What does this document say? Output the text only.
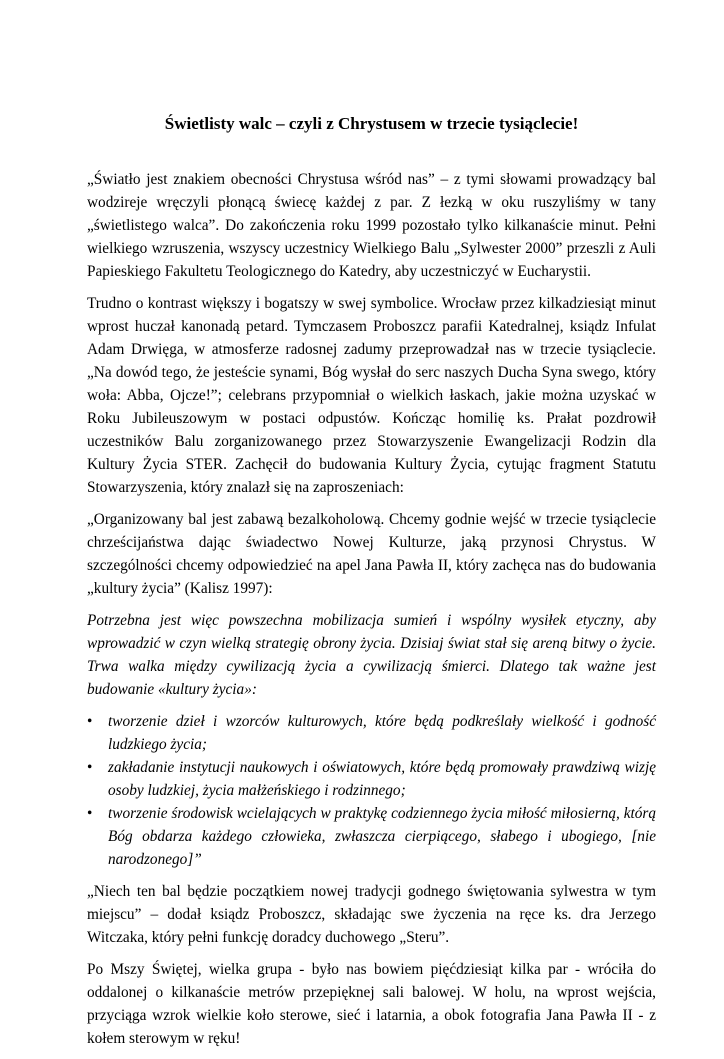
Świetlisty walc – czyli z Chrystusem w trzecie tysiąclecie!

„Światło jest znakiem obecności Chrystusa wśród nas” – z tymi słowami prowadzący bal wodzireje wręczyli płonącą świecę każdej z par. Z łezką w oku ruszyliśmy w tany „świetlistego walca”. Do zakończenia roku 1999 pozostało tylko kilkanaście minut. Pełni wielkiego wzruszenia, wszyscy uczestnicy Wielkiego Balu „Sylwester 2000” przeszli z Auli Papieskiego Fakultetu Teologicznego do Katedry, aby uczestniczyć w Eucharystii.

Trudno o kontrast większy i bogatszy w swej symbolice. Wrocław przez kilkadziesiąt minut wprost huczał kanonadą petard. Tymczasem Proboszcz parafii Katedralnej, ksiądz Infulat Adam Drwięga, w atmosferze radosnej zadumy przeprowadzał nas w trzecie tysiąclecie. „Na dowód tego, że jesteście synami, Bóg wysłał do serc naszych Ducha Syna swego, który woła: Abba, Ojcze!”; celebrans przypomniał o wielkich łaskach, jakie można uzyskać w Roku Jubileuszowym w postaci odpustów. Kończąc homilię ks. Prałat pozdrowił uczestników Balu zorganizowanego przez Stowarzyszenie Ewangelizacji Rodzin dla Kultury Życia STER. Zachęcił do budowania Kultury Życia, cytując fragment Statutu Stowarzyszenia, który znalazł się na zaproszeniach:

„Organizowany bal jest zabawą bezalkoholową. Chcemy godnie wejść w trzecie tysiąclecie chrześcijaństwa dając świadectwo Nowej Kulturze, jaką przynosi Chrystus. W szczególności chcemy odpowiedzieć na apel Jana Pawła II, który zachęca nas do budowania „kultury życia” (Kalisz 1997):

Potrzebna jest więc powszechna mobilizacja sumień i wspólny wysiłek etyczny, aby wprowadzić w czyn wielką strategię obrony życia. Dzisiaj świat stał się areną bitwy o życie. Trwa walka między cywilizacją życia a cywilizacją śmierci. Dlatego tak ważne jest budowanie «kultury życia»:

• tworzenie dzieł i wzorców kulturowych, które będą podkreślały wielkość i godność ludzkiego życia;
• zakładanie instytucji naukowych i oświatowych, które będą promowały prawdziwą wizję osoby ludzkiej, życia małżeńskiego i rodzinnego;
• tworzenie środowisk wcielających w praktykę codziennego życia miłość miłosierną, którą Bóg obdarza każdego człowieka, zwłaszcza cierpiącego, słabego i ubogiego, [nie narodzonego]”

„Niech ten bal będzie początkiem nowej tradycji godnego świętowania sylwestra w tym miejscu” – dodał ksiądz Proboszcz, składając swe życzenia na ręce ks. dra Jerzego Witczaka, który pełni funkcję doradcy duchowego „Steru”.

Po Mszy Świętej, wielka grupa - było nas bowiem pięćdziesiąt kilka par - wróciła do oddalonej o kilkanaście metrów przepięknej sali balowej. W holu, na wprost wejścia, przyciąga wzrok wielkie koło sterowe, sieć i latarnia, a obok fotografia Jana Pawła II - z kołem sterowym w ręku!
